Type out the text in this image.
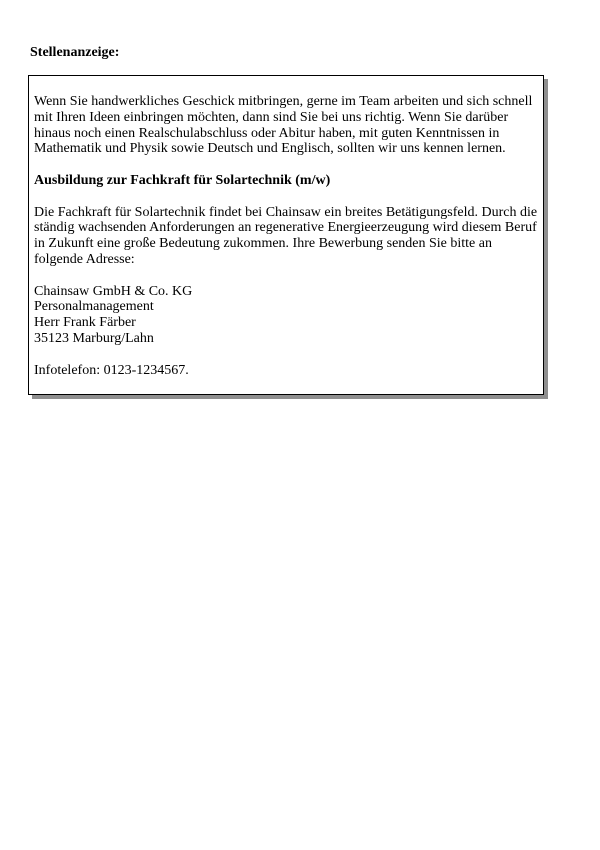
Stellenanzeige:

Wenn Sie handwerkliches Geschick mitbringen, gerne im Team arbeiten und sich schnell mit Ihren Ideen einbringen möchten, dann sind Sie bei uns richtig. Wenn Sie darüber hinaus noch einen Realschulabschluss oder Abitur haben, mit guten Kenntnissen in Mathematik und Physik sowie Deutsch und Englisch, sollten wir uns kennen lernen.

Ausbildung zur Fachkraft für Solartechnik (m/w)

Die Fachkraft für Solartechnik findet bei Chainsaw ein breites Betätigungsfeld. Durch die ständig wachsenden Anforderungen an regenerative Energieerzeugung wird diesem Beruf in Zukunft eine große Bedeutung zukommen. Ihre Bewerbung senden Sie bitte an folgende Adresse:

Chainsaw GmbH & Co. KG
Personalmanagement
Herr Frank Färber
35123 Marburg/Lahn

Infotelefon: 0123-1234567.
